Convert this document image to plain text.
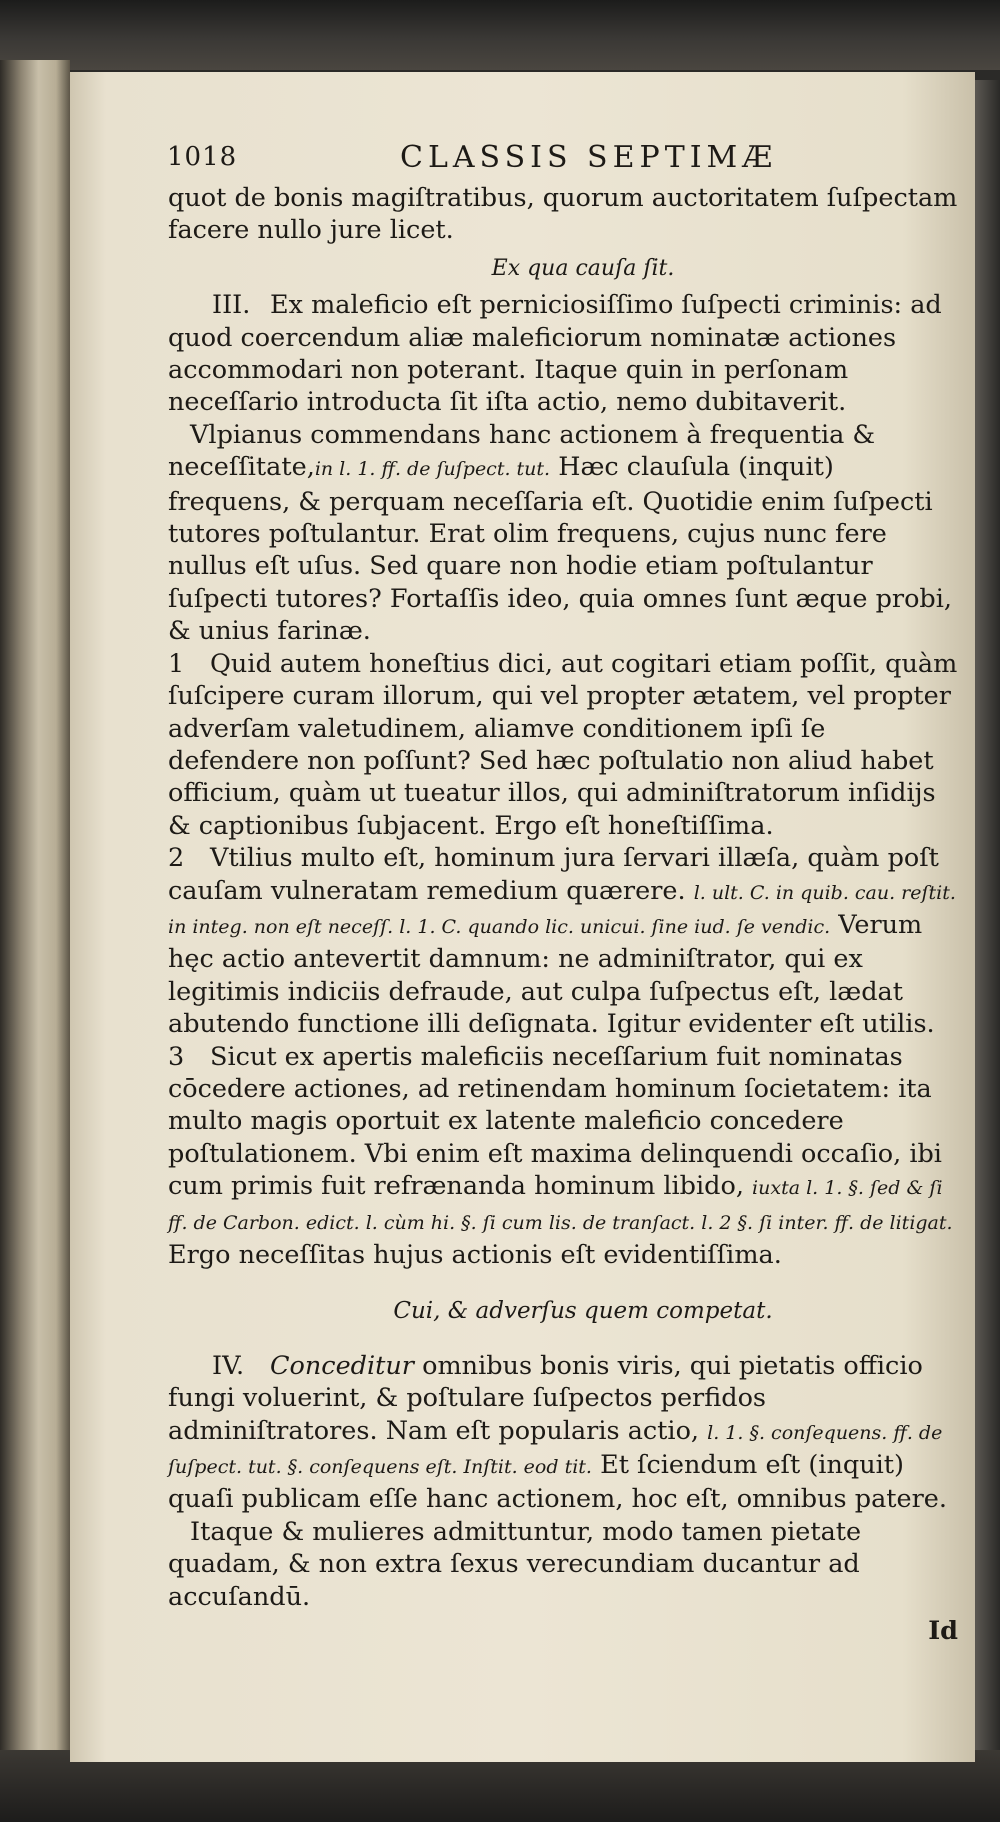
1018	CLASSIS SEPTIMÆ

quot de bonis magiſtratibus, quorum auctoritatem ſuſpectam facere nullo jure licet.

Ex qua cauſa ſit.

III. Ex maleficio eſt perniciosiſſimo ſuſpecti criminis: ad quod coercendum aliæ maleficiorum nominatæ actiones accommodari non poterant. Itaque quin in perſonam neceſſario introducta ſit iſta actio, nemo dubitaverit.

Vlpianus commendans hanc actionem à frequentia & neceſſitate,in l. 1. ff. de ſuſpect. tut. Hæc clauſula (inquit) frequens, & perquam neceſſaria eſt. Quotidie enim ſuſpecti tutores poſtulantur. Erat olim frequens, cujus nunc fere nullus eſt uſus. Sed quare non hodie etiam poſtulantur ſuſpecti tutores? Fortaſſis ideo, quia omnes ſunt æque probi, & unius farinæ.

1 Quid autem honeſtius dici, aut cogitari etiam poſſit, quàm ſuſcipere curam illorum, qui vel propter ætatem, vel propter adverſam valetudinem, aliamve conditionem ipſi ſe defendere non poſſunt? Sed hæc poſtulatio non aliud habet officium, quàm ut tueatur illos, qui adminiſtratorum inſidijs & captionibus ſubjacent. Ergo eſt honeſtiſſima.

2 Vtilius multo eſt, hominum jura ſervari illæſa, quàm poſt cauſam vulneratam remedium quærere. l. ult. C. in quib. cau. reſtit. in integ. non eſt neceſſ. l. 1. C. quando lic. unicui. ſine iud. ſe vendic. Verum hęc actio antevertit damnum: ne adminiſtrator, qui ex legitimis indiciis defraude, aut culpa ſuſpectus eſt, lædat abutendo functione illi deſignata. Igitur evidenter eſt utilis.

3 Sicut ex apertis maleficiis neceſſarium fuit nominatas cōcedere actiones, ad retinendam hominum ſocietatem: ita multo magis oportuit ex latente maleficio concedere poſtulationem. Vbi enim eſt maxima delinquendi occaſio, ibi cum primis fuit refrænanda hominum libido, iuxta l. 1. §. ſed & ſi ff. de Carbon. edict. l. cùm hi. §. ſi cum lis. de tranſact. l. 2 §. ſi inter. ff. de litigat. Ergo neceſſitas hujus actionis eſt evidentiſſima.

Cui, & adverſus quem competat.

IV. Conceditur omnibus bonis viris, qui pietatis officio fungi voluerint, & poſtulare ſuſpectos perfidos adminiſtratores. Nam eſt popularis actio, l. 1. §. conſequens. ff. de ſuſpect. tut. §. conſequens eſt. Inſtit. eod tit. Et ſciendum eſt (inquit) quaſi publicam eſſe hanc actionem, hoc eſt, omnibus patere.

Itaque & mulieres admittuntur, modo tamen pietate quadam, & non extra ſexus verecundiam ducantur ad accuſandū.

Id
